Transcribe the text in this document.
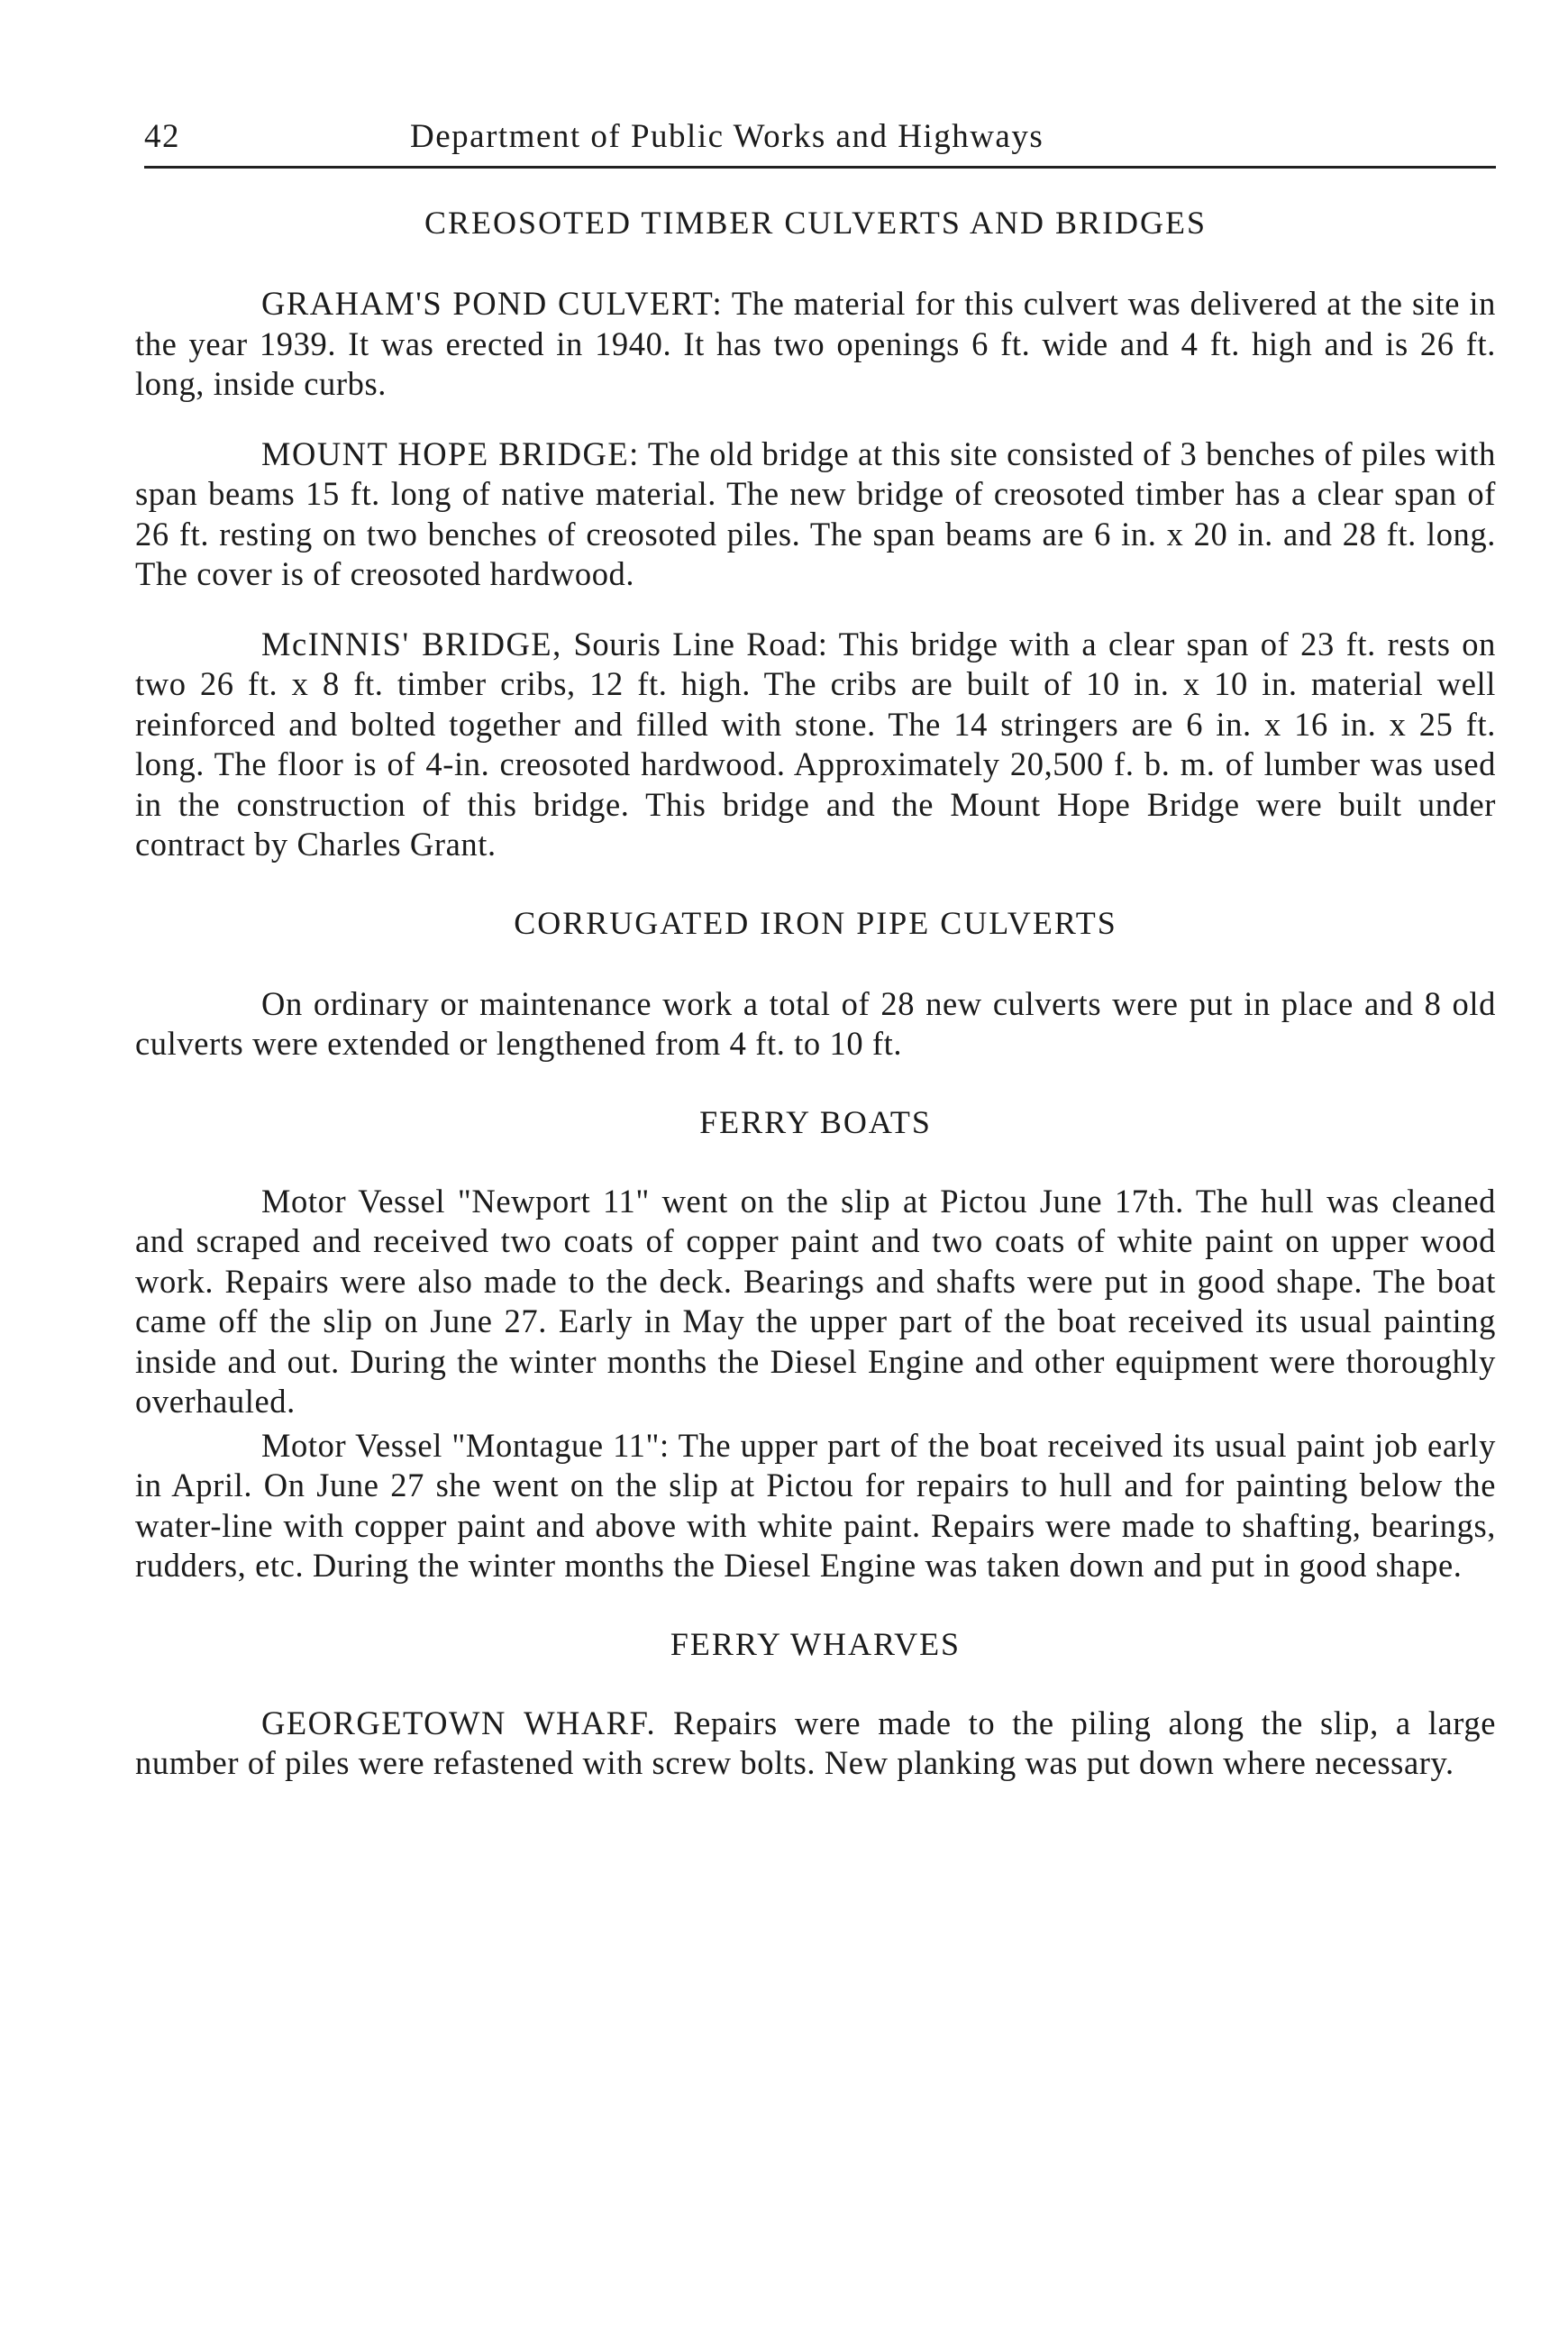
42	Department of Public Works and Highways
CREOSOTED TIMBER CULVERTS AND BRIDGES

GRAHAM'S POND CULVERT: The material for this culvert was delivered at the site in the year 1939. It was erected in 1940. It has two openings 6 ft. wide and 4 ft. high and is 26 ft. long, inside curbs.

MOUNT HOPE BRIDGE: The old bridge at this site consisted of 3 benches of piles with span beams 15 ft. long of native material. The new bridge of creosoted timber has a clear span of 26 ft. resting on two benches of creosoted piles. The span beams are 6 in. x 20 in. and 28 ft. long. The cover is of creosoted hardwood.

McINNIS' BRIDGE, Souris Line Road: This bridge with a clear span of 23 ft. rests on two 26 ft. x 8 ft. timber cribs, 12 ft. high. The cribs are built of 10 in. x 10 in. material well reinforced and bolted together and filled with stone. The 14 stringers are 6 in. x 16 in. x 25 ft. long. The floor is of 4-in. creosoted hardwood. Approximately 20,500 f. b. m. of lumber was used in the construction of this bridge. This bridge and the Mount Hope Bridge were built under contract by Charles Grant.

CORRUGATED IRON PIPE CULVERTS

On ordinary or maintenance work a total of 28 new culverts were put in place and 8 old culverts were extended or lengthened from 4 ft. to 10 ft.

FERRY BOATS

Motor Vessel "Newport 11" went on the slip at Pictou June 17th. The hull was cleaned and scraped and received two coats of copper paint and two coats of white paint on upper wood work. Repairs were also made to the deck. Bearings and shafts were put in good shape. The boat came off the slip on June 27. Early in May the upper part of the boat received its usual painting inside and out. During the winter months the Diesel Engine and other equipment were thoroughly overhauled.

Motor Vessel "Montague 11": The upper part of the boat received its usual paint job early in April. On June 27 she went on the slip at Pictou for repairs to hull and for painting below the water-line with copper paint and above with white paint. Repairs were made to shafting, bearings, rudders, etc. During the winter months the Diesel Engine was taken down and put in good shape.

FERRY WHARVES

GEORGETOWN WHARF. Repairs were made to the piling along the slip, a large number of piles were refastened with screw bolts. New planking was put down where necessary.
